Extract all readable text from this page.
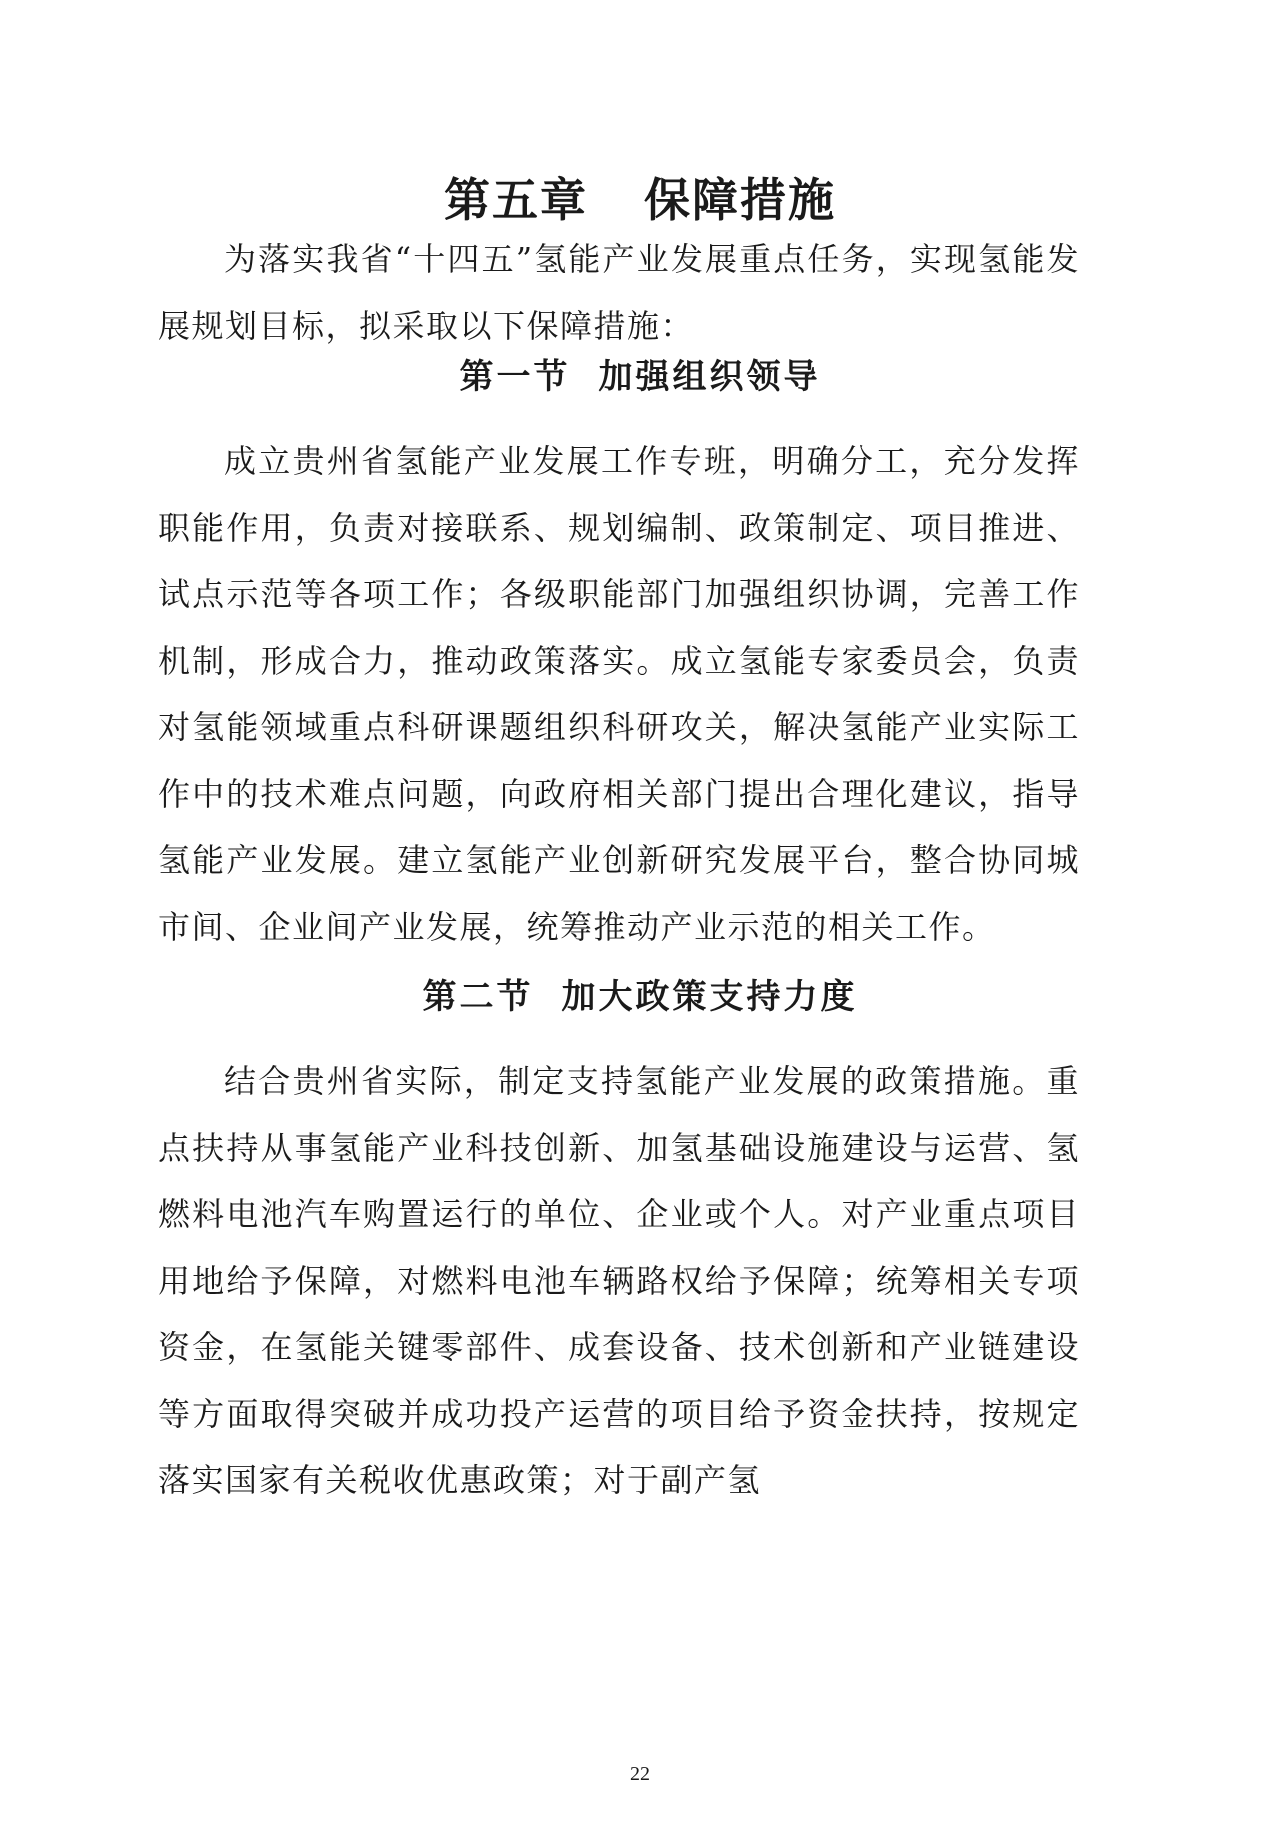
第五章 保障措施

为落实我省“十四五”氢能产业发展重点任务，实现氢能发展规划目标，拟采取以下保障措施：

第一节 加强组织领导

成立贵州省氢能产业发展工作专班，明确分工，充分发挥职能作用，负责对接联系、规划编制、政策制定、项目推进、试点示范等各项工作；各级职能部门加强组织协调，完善工作机制，形成合力，推动政策落实。成立氢能专家委员会，负责对氢能领域重点科研课题组织科研攻关，解决氢能产业实际工作中的技术难点问题，向政府相关部门提出合理化建议，指导氢能产业发展。建立氢能产业创新研究发展平台，整合协同城市间、企业间产业发展，统筹推动产业示范的相关工作。

第二节 加大政策支持力度

结合贵州省实际，制定支持氢能产业发展的政策措施。重点扶持从事氢能产业科技创新、加氢基础设施建设与运营、氢燃料电池汽车购置运行的单位、企业或个人。对产业重点项目用地给予保障，对燃料电池车辆路权给予保障；统筹相关专项资金，在氢能关键零部件、成套设备、技术创新和产业链建设等方面取得突破并成功投产运营的项目给予资金扶持，按规定落实国家有关税收优惠政策；对于副产氢

22
